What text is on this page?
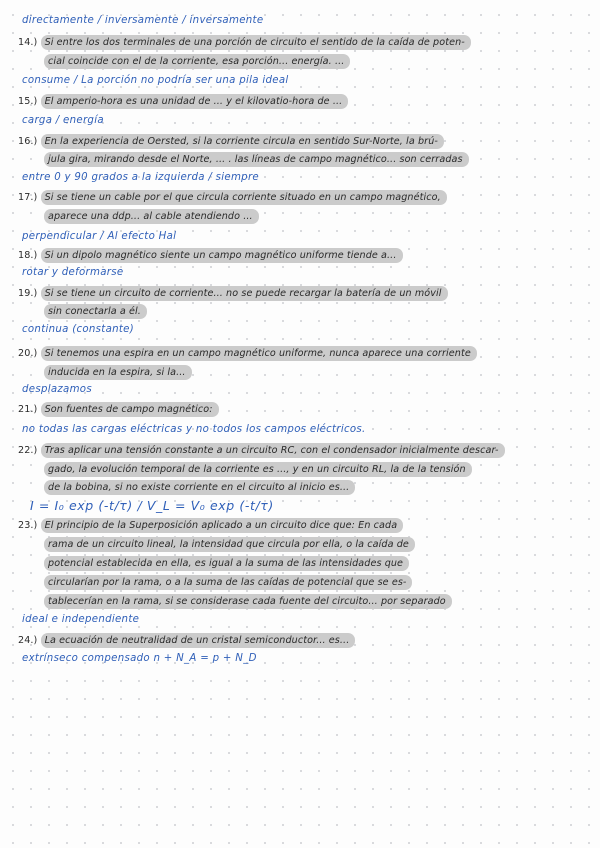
directamente / inversamente / inversamente
14.) Si entre los dos terminales de una porción de circuito el sentido de la caída de poten-
cial coincide con el de la corriente, esa porción... energía. ...
consume / La porción no podría ser una pila ideal
15.) El amperio-hora es una unidad de ... y el kilovatio-hora de ...
carga / energía
16.) En la experiencia de Oersted, si la corriente circula en sentido Sur-Norte, la brú-
jula gira, mirando desde el Norte, ... . las líneas de campo magnético... son cerradas
entre 0 y 90 grados a la izquierda / siempre
17.) Si se tiene un cable por el que circula corriente situado en un campo magnético,
aparece una ddp... al cable atendiendo ...
perpendicular / Al efecto Hal
18.) Si un dipolo magnético siente un campo magnético uniforme tiende a...
rotar y deformarse
19.) Si se tiene un circuito de corriente... no se puede recargar la batería de un móvil
sin conectarla a él.
continua (constante)
20.) Si tenemos una espira en un campo magnético uniforme, nunca aparece una corriente
inducida en la espira, si la...
desplazamos
21.) Son fuentes de campo magnético:
no todas las cargas eléctricas y no todos los campos eléctricos.
22.) Tras aplicar una tensión constante a un circuito RC, con el condensador inicialmente descar-
gado, la evolución temporal de la corriente es ..., y en un circuito RL, la de la tensión
de la bobina, si no existe corriente en el circuito al inicio es...
I = I₀ exp (-t/τ) / V_L = V₀ exp (-t/τ)
23.) El principio de la Superposición aplicado a un circuito dice que: En cada
rama de un circuito lineal, la intensidad que circula por ella, o la caída de
potencial establecida en ella, es igual a la suma de las intensidades que
circularían por la rama, o a la suma de las caídas de potencial que se es-
tablecerían en la rama, si se considerase cada fuente del circuito... por separado
ideal e independiente
24.) La ecuación de neutralidad de un cristal semiconductor... es...
extrínseco compensado n + N_A = p + N_D
